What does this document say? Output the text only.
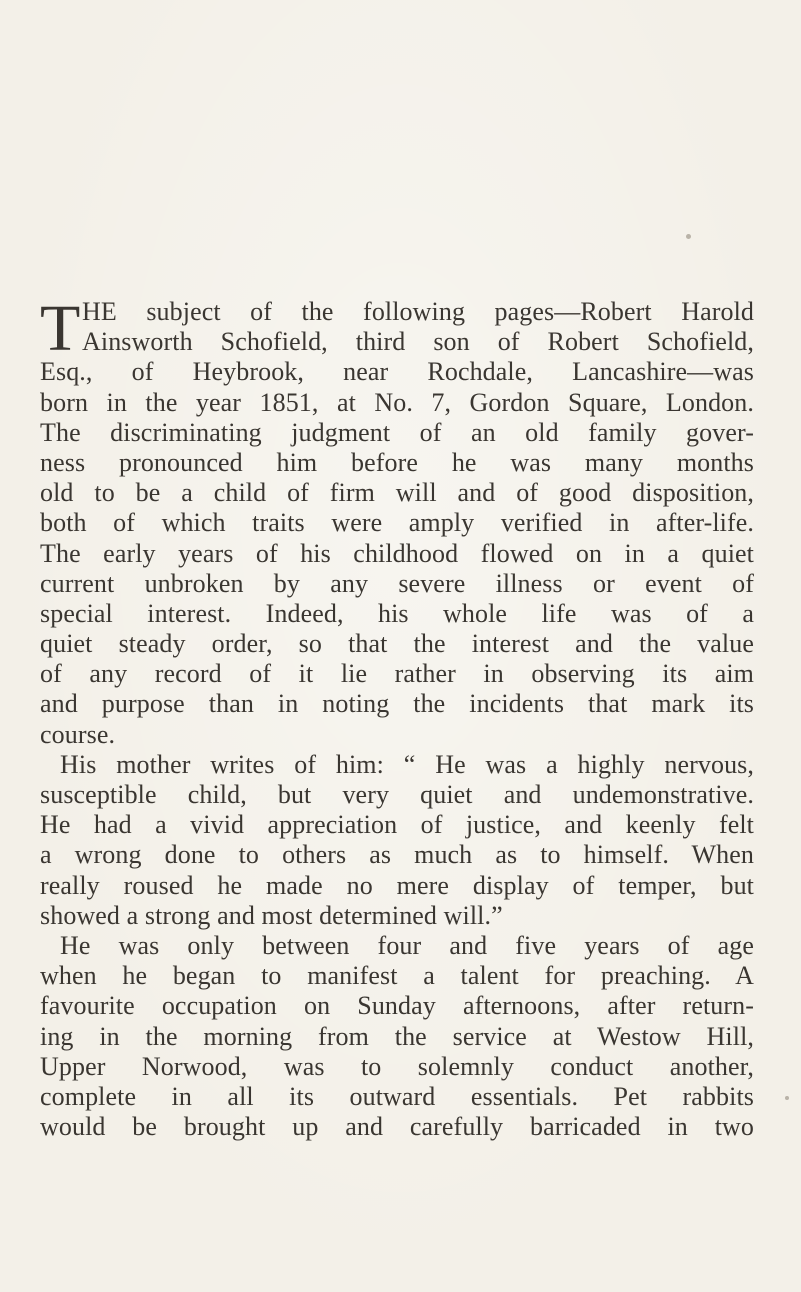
T HE subject of the following pages—Robert Harold
Ainsworth Schofield, third son of Robert Schofield,
Esq., of Heybrook, near Rochdale, Lancashire—was
born in the year 1851, at No. 7, Gordon Square, London.
The discriminating judgment of an old family gover-
ness pronounced him before he was many months
old to be a child of firm will and of good disposition,
both of which traits were amply verified in after-life.
The early years of his childhood flowed on in a quiet
current unbroken by any severe illness or event of
special interest. Indeed, his whole life was of a
quiet steady order, so that the interest and the value
of any record of it lie rather in observing its aim
and purpose than in noting the incidents that mark its
course.
His mother writes of him: “ He was a highly nervous,
susceptible child, but very quiet and undemonstrative.
He had a vivid appreciation of justice, and keenly felt
a wrong done to others as much as to himself. When
really roused he made no mere display of temper, but
showed a strong and most determined will.”
He was only between four and five years of age
when he began to manifest a talent for preaching. A
favourite occupation on Sunday afternoons, after return-
ing in the morning from the service at Westow Hill,
Upper Norwood, was to solemnly conduct another,
complete in all its outward essentials. Pet rabbits
would be brought up and carefully barricaded in two
